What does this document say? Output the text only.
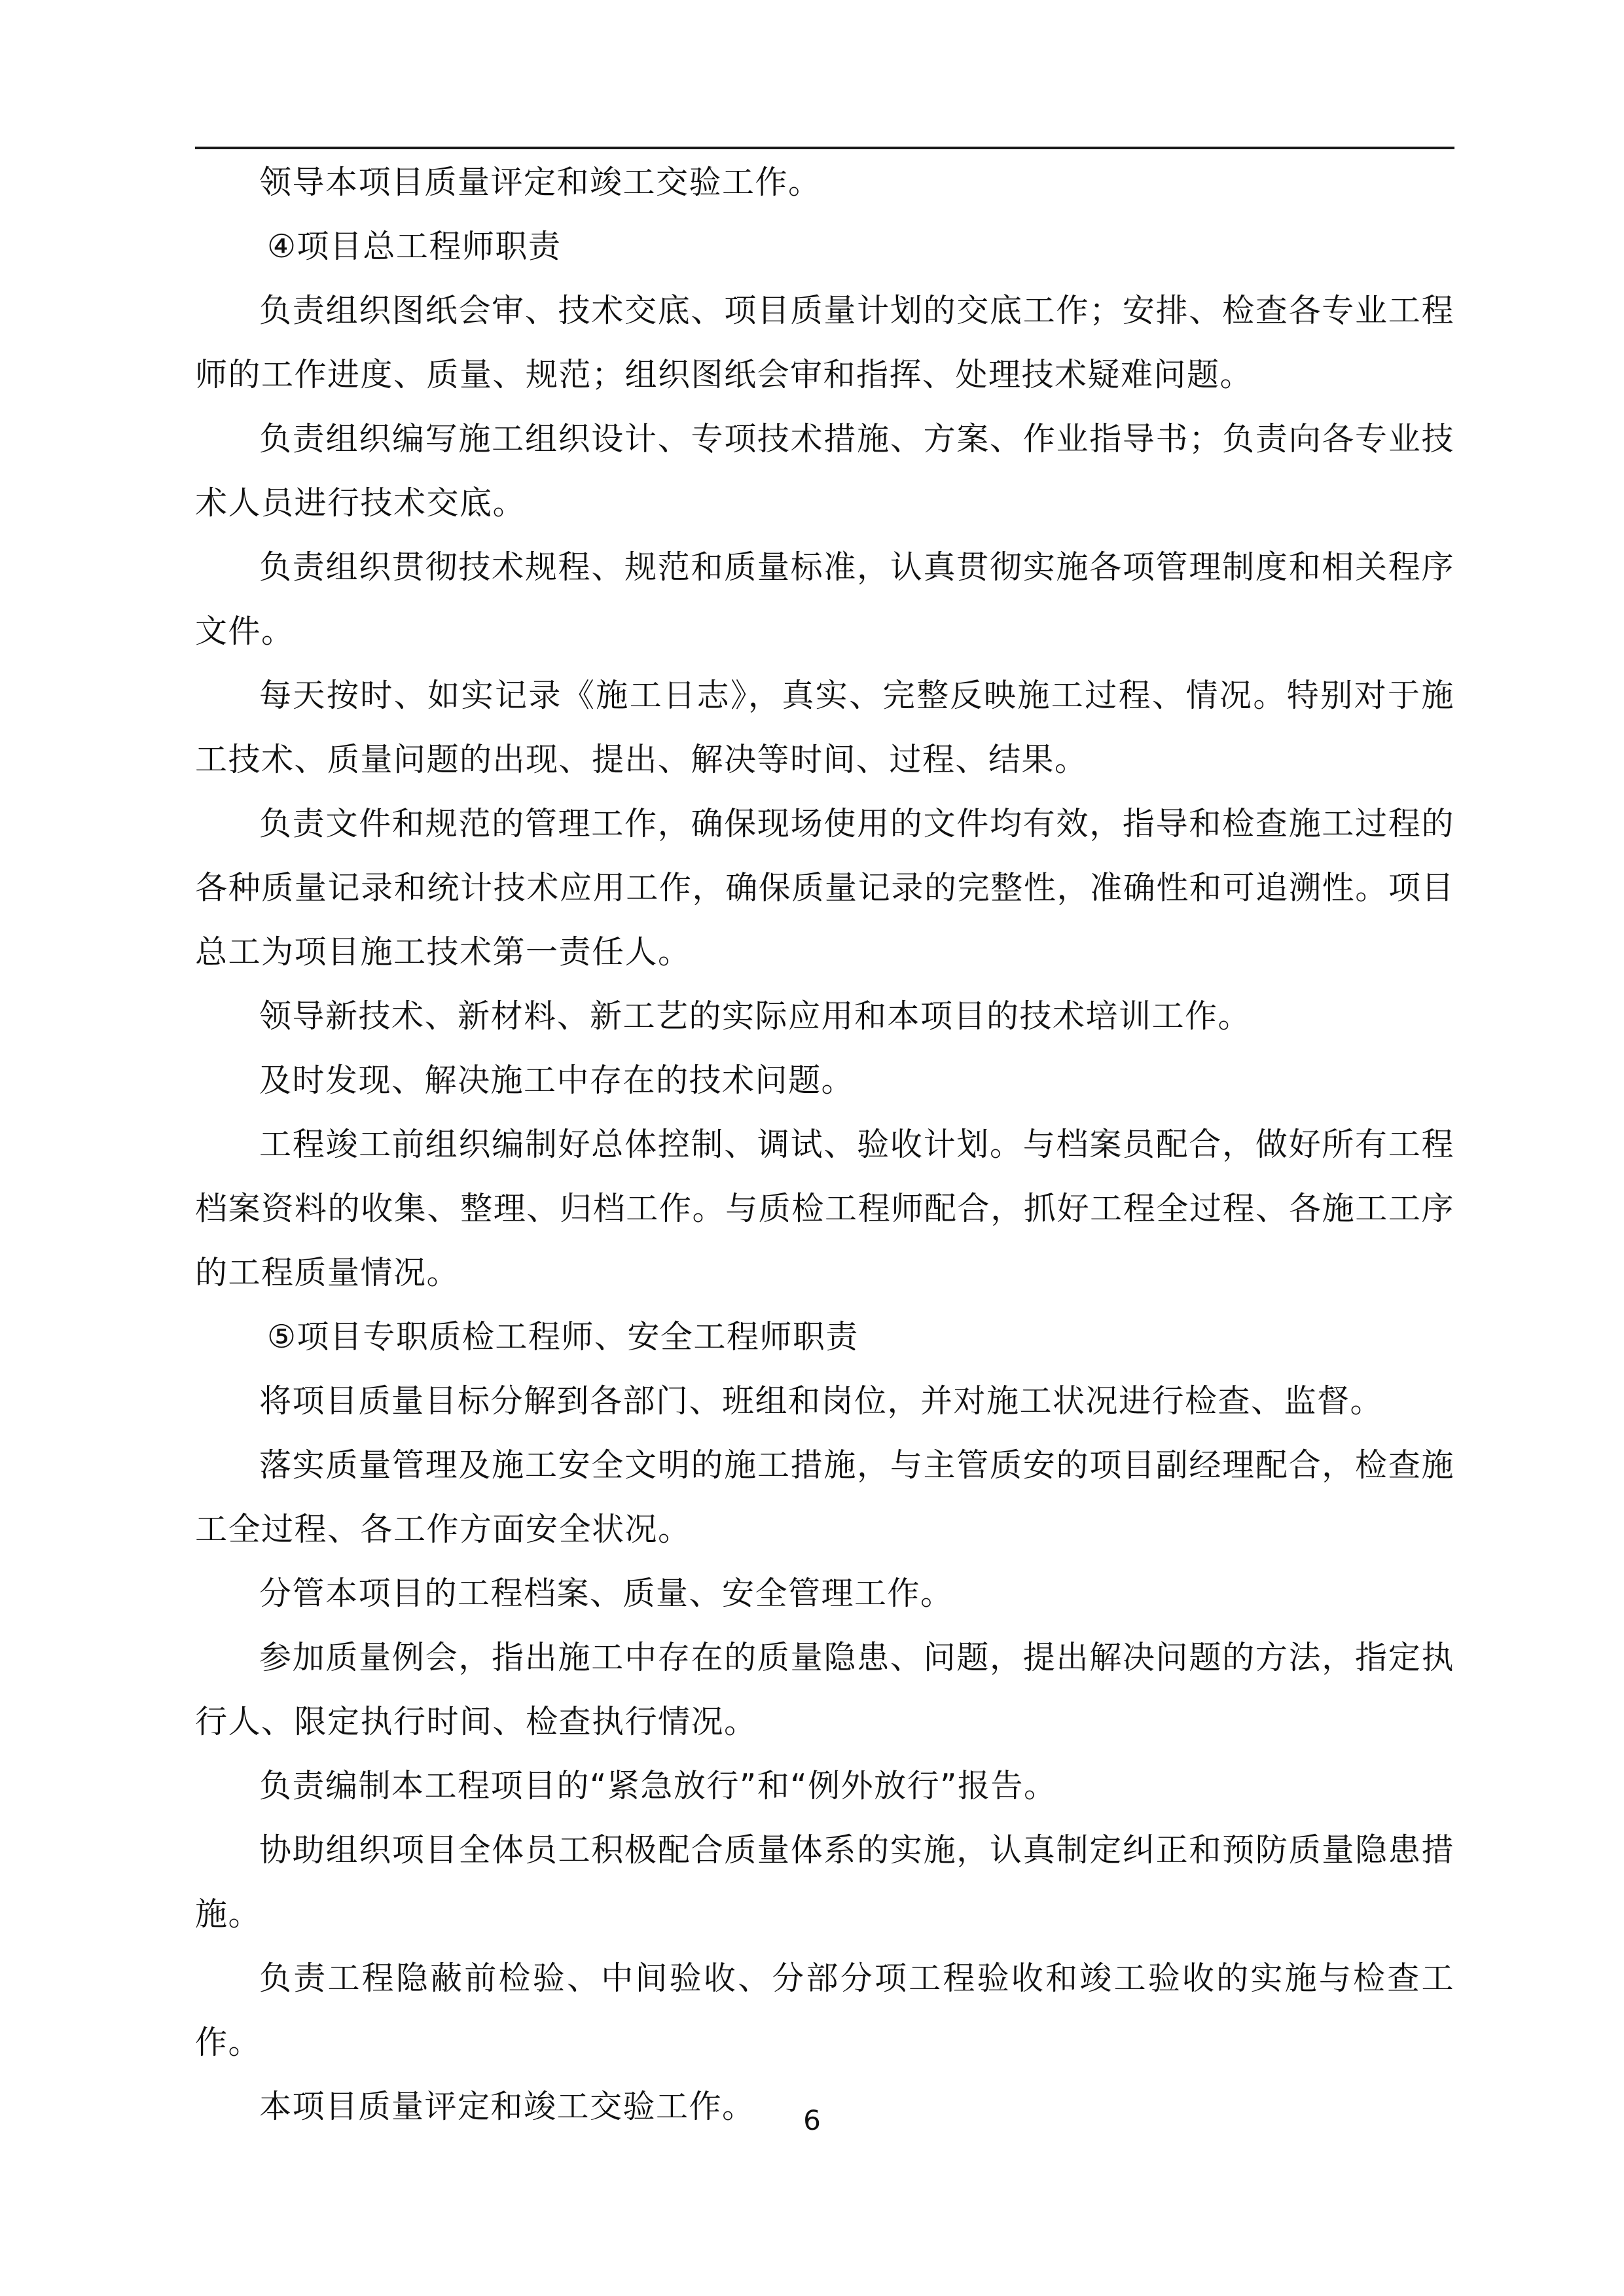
领导本项目质量评定和竣工交验工作。

④项目总工程师职责

负责组织图纸会审、技术交底、项目质量计划的交底工作；安排、检查各专业工程师的工作进度、质量、规范；组织图纸会审和指挥、处理技术疑难问题。

负责组织编写施工组织设计、专项技术措施、方案、作业指导书；负责向各专业技术人员进行技术交底。

负责组织贯彻技术规程、规范和质量标准，认真贯彻实施各项管理制度和相关程序文件。

每天按时、如实记录《施工日志》，真实、完整反映施工过程、情况。特别对于施工技术、质量问题的出现、提出、解决等时间、过程、结果。

负责文件和规范的管理工作，确保现场使用的文件均有效，指导和检查施工过程的各种质量记录和统计技术应用工作，确保质量记录的完整性，准确性和可追溯性。项目总工为项目施工技术第一责任人。

领导新技术、新材料、新工艺的实际应用和本项目的技术培训工作。

及时发现、解决施工中存在的技术问题。

工程竣工前组织编制好总体控制、调试、验收计划。与档案员配合，做好所有工程档案资料的收集、整理、归档工作。与质检工程师配合，抓好工程全过程、各施工工序的工程质量情况。

⑤项目专职质检工程师、安全工程师职责

将项目质量目标分解到各部门、班组和岗位，并对施工状况进行检查、监督。

落实质量管理及施工安全文明的施工措施，与主管质安的项目副经理配合，检查施工全过程、各工作方面安全状况。

分管本项目的工程档案、质量、安全管理工作。

参加质量例会，指出施工中存在的质量隐患、问题，提出解决问题的方法，指定执行人、限定执行时间、检查执行情况。

负责编制本工程项目的“紧急放行”和“例外放行”报告。

协助组织项目全体员工积极配合质量体系的实施，认真制定纠正和预防质量隐患措施。

负责工程隐蔽前检验、中间验收、分部分项工程验收和竣工验收的实施与检查工作。

本项目质量评定和竣工交验工作。	6
